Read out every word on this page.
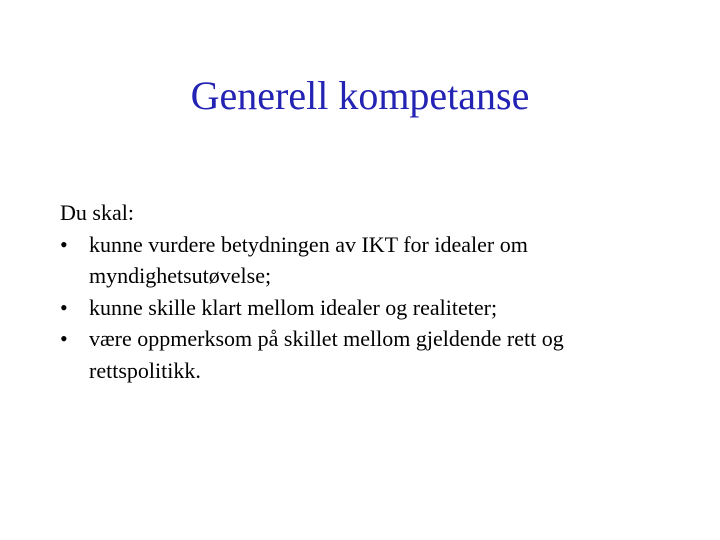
Generell kompetanse

Du skal:

• kunne vurdere betydningen av IKT for idealer om myndighetsutøvelse;
• kunne skille klart mellom idealer og realiteter;
• være oppmerksom på skillet mellom gjeldende rett og rettspolitikk.
